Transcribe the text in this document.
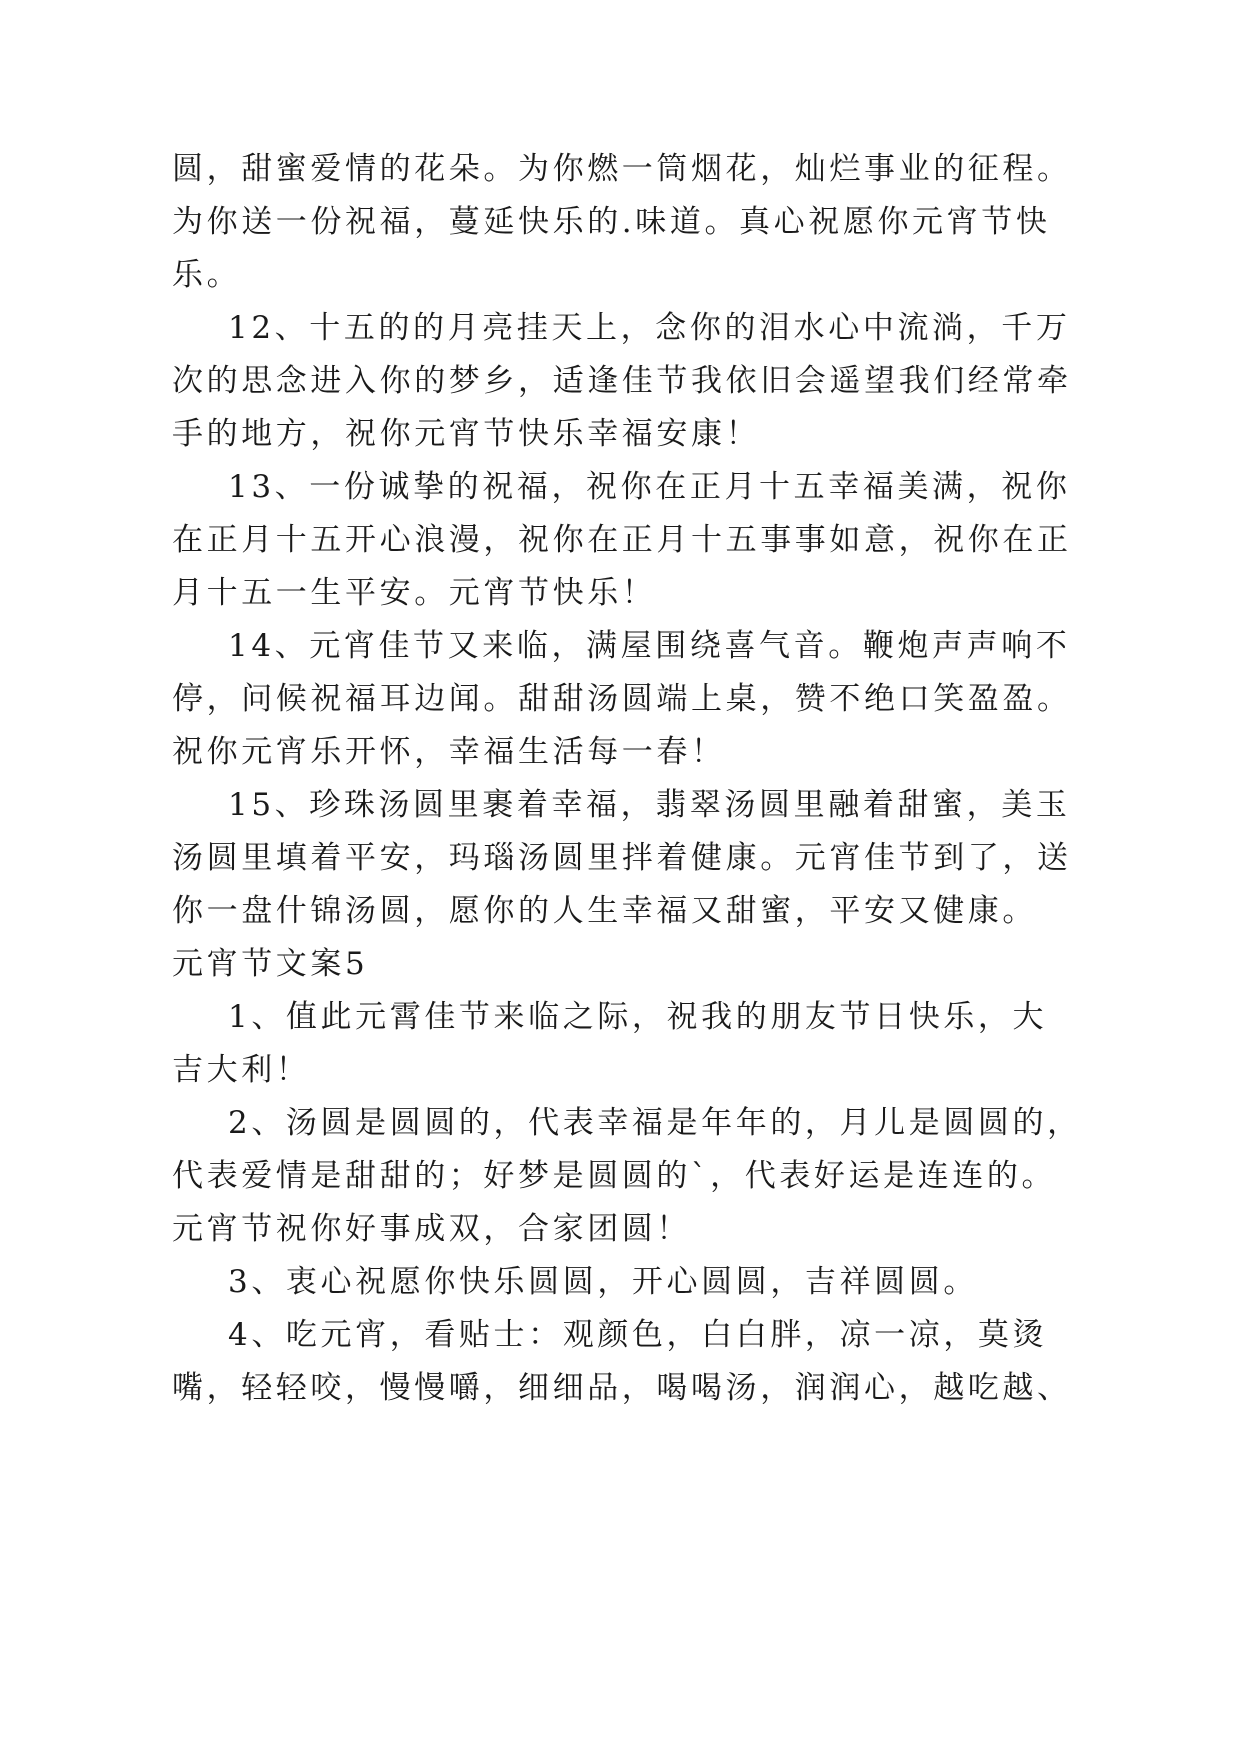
圆，甜蜜爱情的花朵。为你燃一筒烟花，灿烂事业的征程。

为你送一份祝福，蔓延快乐的.味道。真心祝愿你元宵节快

乐。

12、十五的的月亮挂天上，念你的泪水心中流淌，千万

次的思念进入你的梦乡，适逢佳节我依旧会遥望我们经常牵

手的地方，祝你元宵节快乐幸福安康！

13、一份诚挚的祝福，祝你在正月十五幸福美满，祝你

在正月十五开心浪漫，祝你在正月十五事事如意，祝你在正

月十五一生平安。元宵节快乐！

14、元宵佳节又来临，满屋围绕喜气音。鞭炮声声响不

停，问候祝福耳边闻。甜甜汤圆端上桌，赞不绝口笑盈盈。

祝你元宵乐开怀，幸福生活每一春！

15、珍珠汤圆里裹着幸福，翡翠汤圆里融着甜蜜，美玉

汤圆里填着平安，玛瑙汤圆里拌着健康。元宵佳节到了，送

你一盘什锦汤圆，愿你的人生幸福又甜蜜，平安又健康。

元宵节文案5

1、值此元霄佳节来临之际，祝我的朋友节日快乐，大

吉大利！

2、汤圆是圆圆的，代表幸福是年年的，月儿是圆圆的，

代表爱情是甜甜的；好梦是圆圆的`，代表好运是连连的。

元宵节祝你好事成双，合家团圆！

3、衷心祝愿你快乐圆圆，开心圆圆，吉祥圆圆。

4、吃元宵，看贴士：观颜色，白白胖，凉一凉，莫烫

嘴，轻轻咬，慢慢嚼，细细品，喝喝汤，润润心，越吃越、
